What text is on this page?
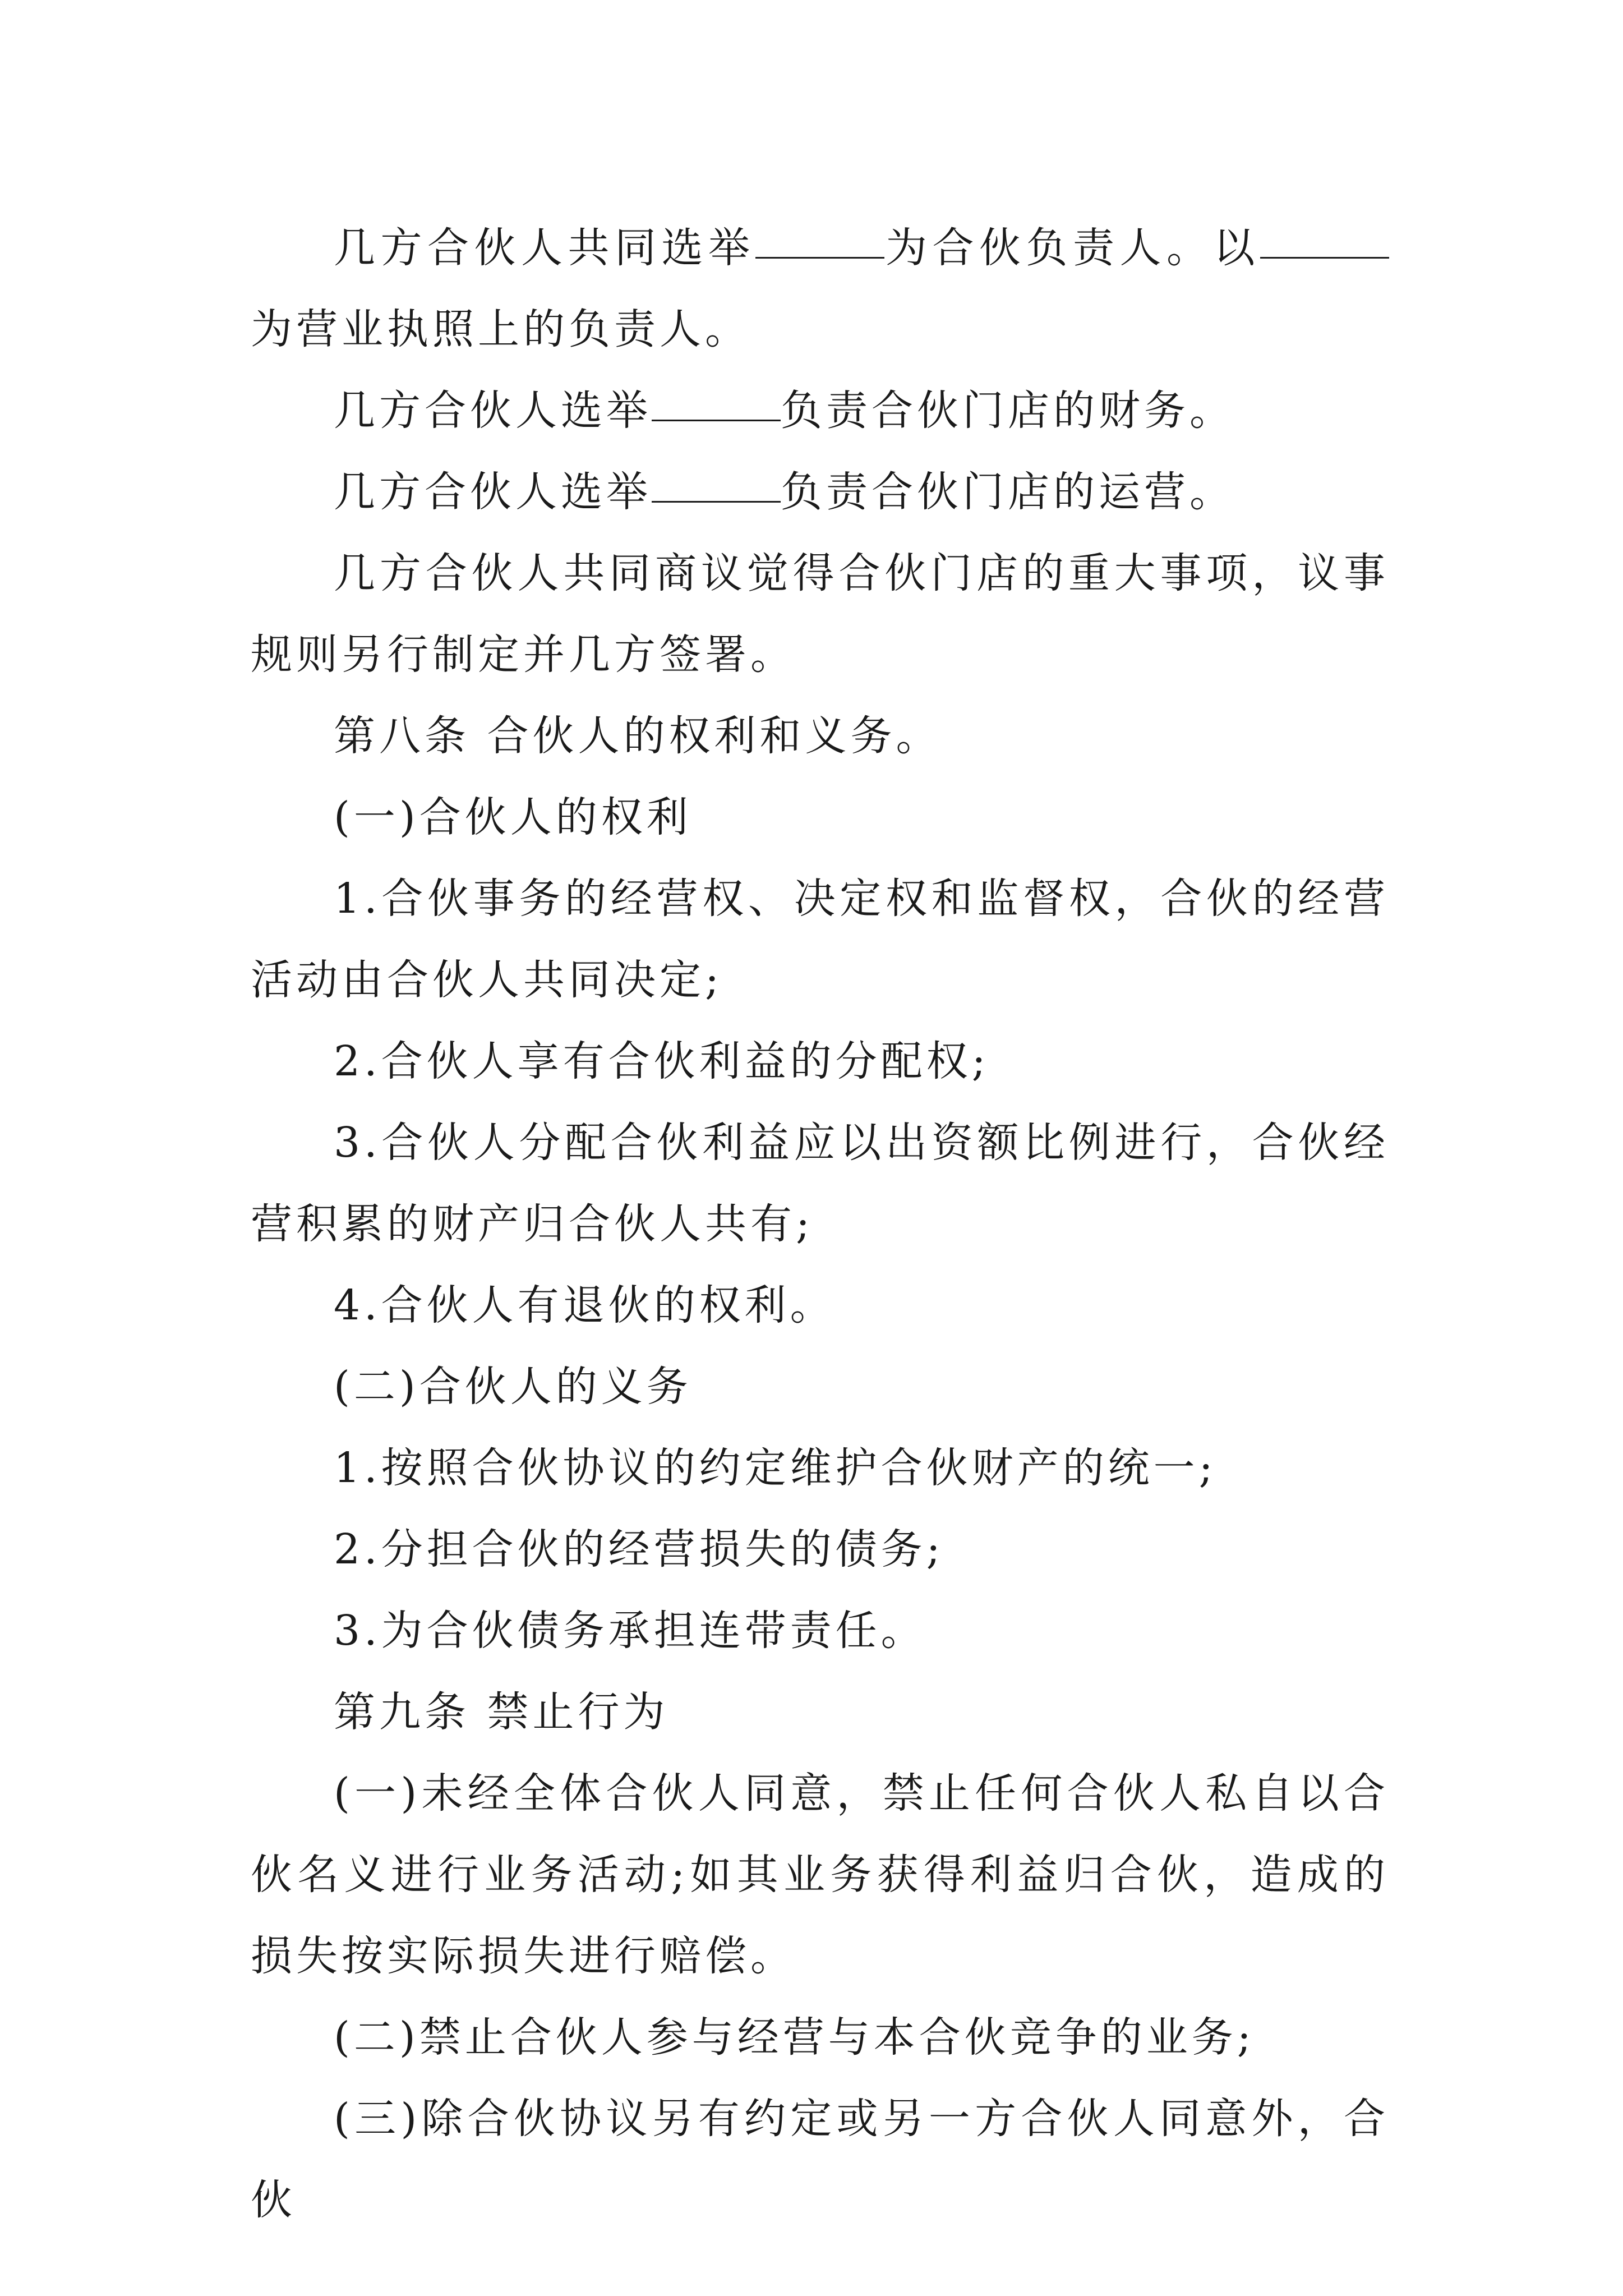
几方合伙人共同选举	为合伙负责人。以为营业执照上的负责人。

几方合伙人选举	负责合伙门店的财务。

几方合伙人选举	负责合伙门店的运营。

几方合伙人共同商议觉得合伙门店的重大事项，议事规则另行制定并几方签署。

第八条 合伙人的权利和义务。

(一)合伙人的权利

1.合伙事务的经营权、决定权和监督权，合伙的经营活动由合伙人共同决定;

2.合伙人享有合伙利益的分配权;

3.合伙人分配合伙利益应以出资额比例进行，合伙经营积累的财产归合伙人共有;

4.合伙人有退伙的权利。

(二)合伙人的义务

1.按照合伙协议的约定维护合伙财产的统一;

2.分担合伙的经营损失的债务;

3.为合伙债务承担连带责任。

第九条 禁止行为

(一)未经全体合伙人同意，禁止任何合伙人私自以合伙名义进行业务活动;如其业务获得利益归合伙，造成的损失按实际损失进行赔偿。

(二)禁止合伙人参与经营与本合伙竞争的业务;

(三)除合伙协议另有约定或另一方合伙人同意外，合伙
